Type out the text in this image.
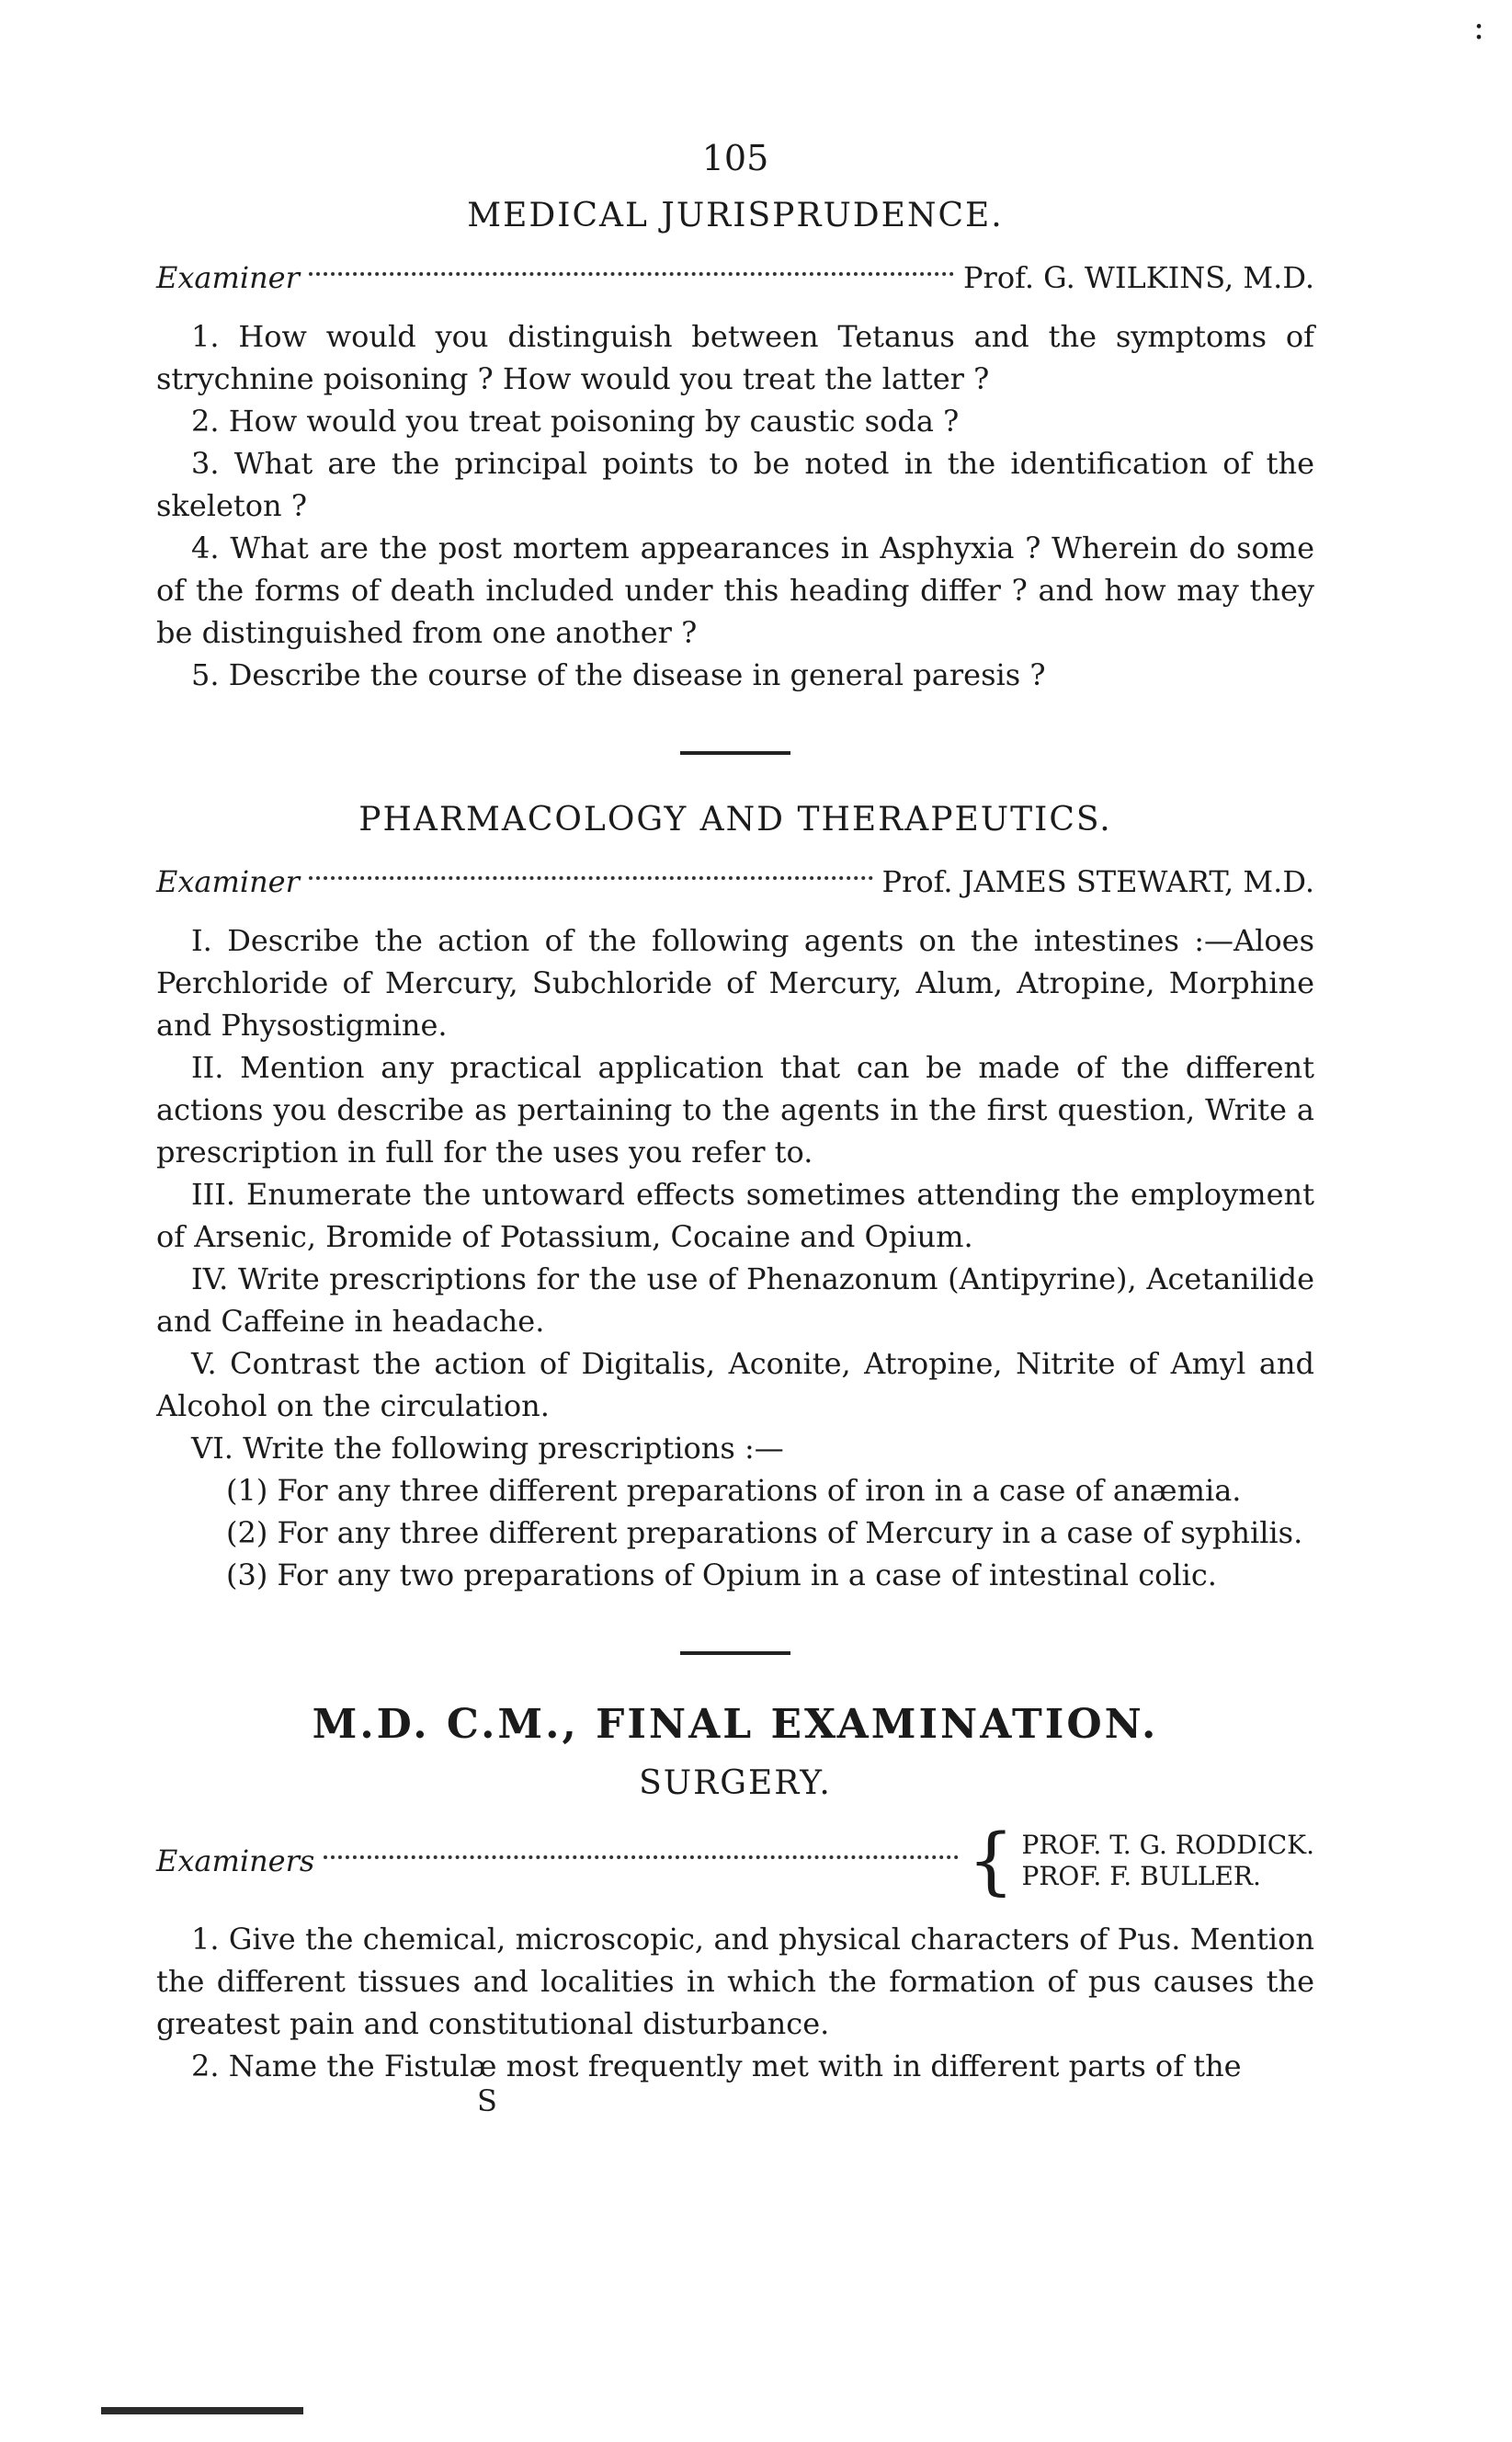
:
105
MEDICAL JURISPRUDENCE.
Examiner	Prof. G. WILKINS, M.D.

1. How would you distinguish between Tetanus and the symptoms of strychnine poisoning ? How would you treat the latter ?

2. How would you treat poisoning by caustic soda ?

3. What are the principal points to be noted in the identification of the skeleton ?

4. What are the post mortem appearances in Asphyxia ? Wherein do some of the forms of death included under this heading differ ? and how may they be distinguished from one another ?

5. Describe the course of the disease in general paresis ?

PHARMACOLOGY AND THERAPEUTICS.
Examiner	Prof. JAMES STEWART, M.D.

I. Describe the action of the following agents on the intestines :—Aloes Perchloride of Mercury, Subchloride of Mercury, Alum, Atropine, Morphine and Physostigmine.

II. Mention any practical application that can be made of the different actions you describe as pertaining to the agents in the first question, Write a prescription in full for the uses you refer to.

III. Enumerate the untoward effects sometimes attending the employment of Arsenic, Bromide of Potassium, Cocaine and Opium.

IV. Write prescriptions for the use of Phenazonum (Antipyrine), Acetanilide and Caffeine in headache.

V. Contrast the action of Digitalis, Aconite, Atropine, Nitrite of Amyl and Alcohol on the circulation.

VI. Write the following prescriptions :—

(1) For any three different preparations of iron in a case of anæmia.

(2) For any three different preparations of Mercury in a case of syphilis.

(3) For any two preparations of Opium in a case of intestinal colic.

M.D. C.M., FINAL EXAMINATION.
SURGERY.
Examiners	{ PROF. T. G. RODDICK.
PROF. F. BULLER.

1. Give the chemical, microscopic, and physical characters of Pus. Mention the different tissues and localities in which the formation of pus causes the greatest pain and constitutional disturbance.

2. Name the Fistulæ most frequently met with in different parts of the

S
